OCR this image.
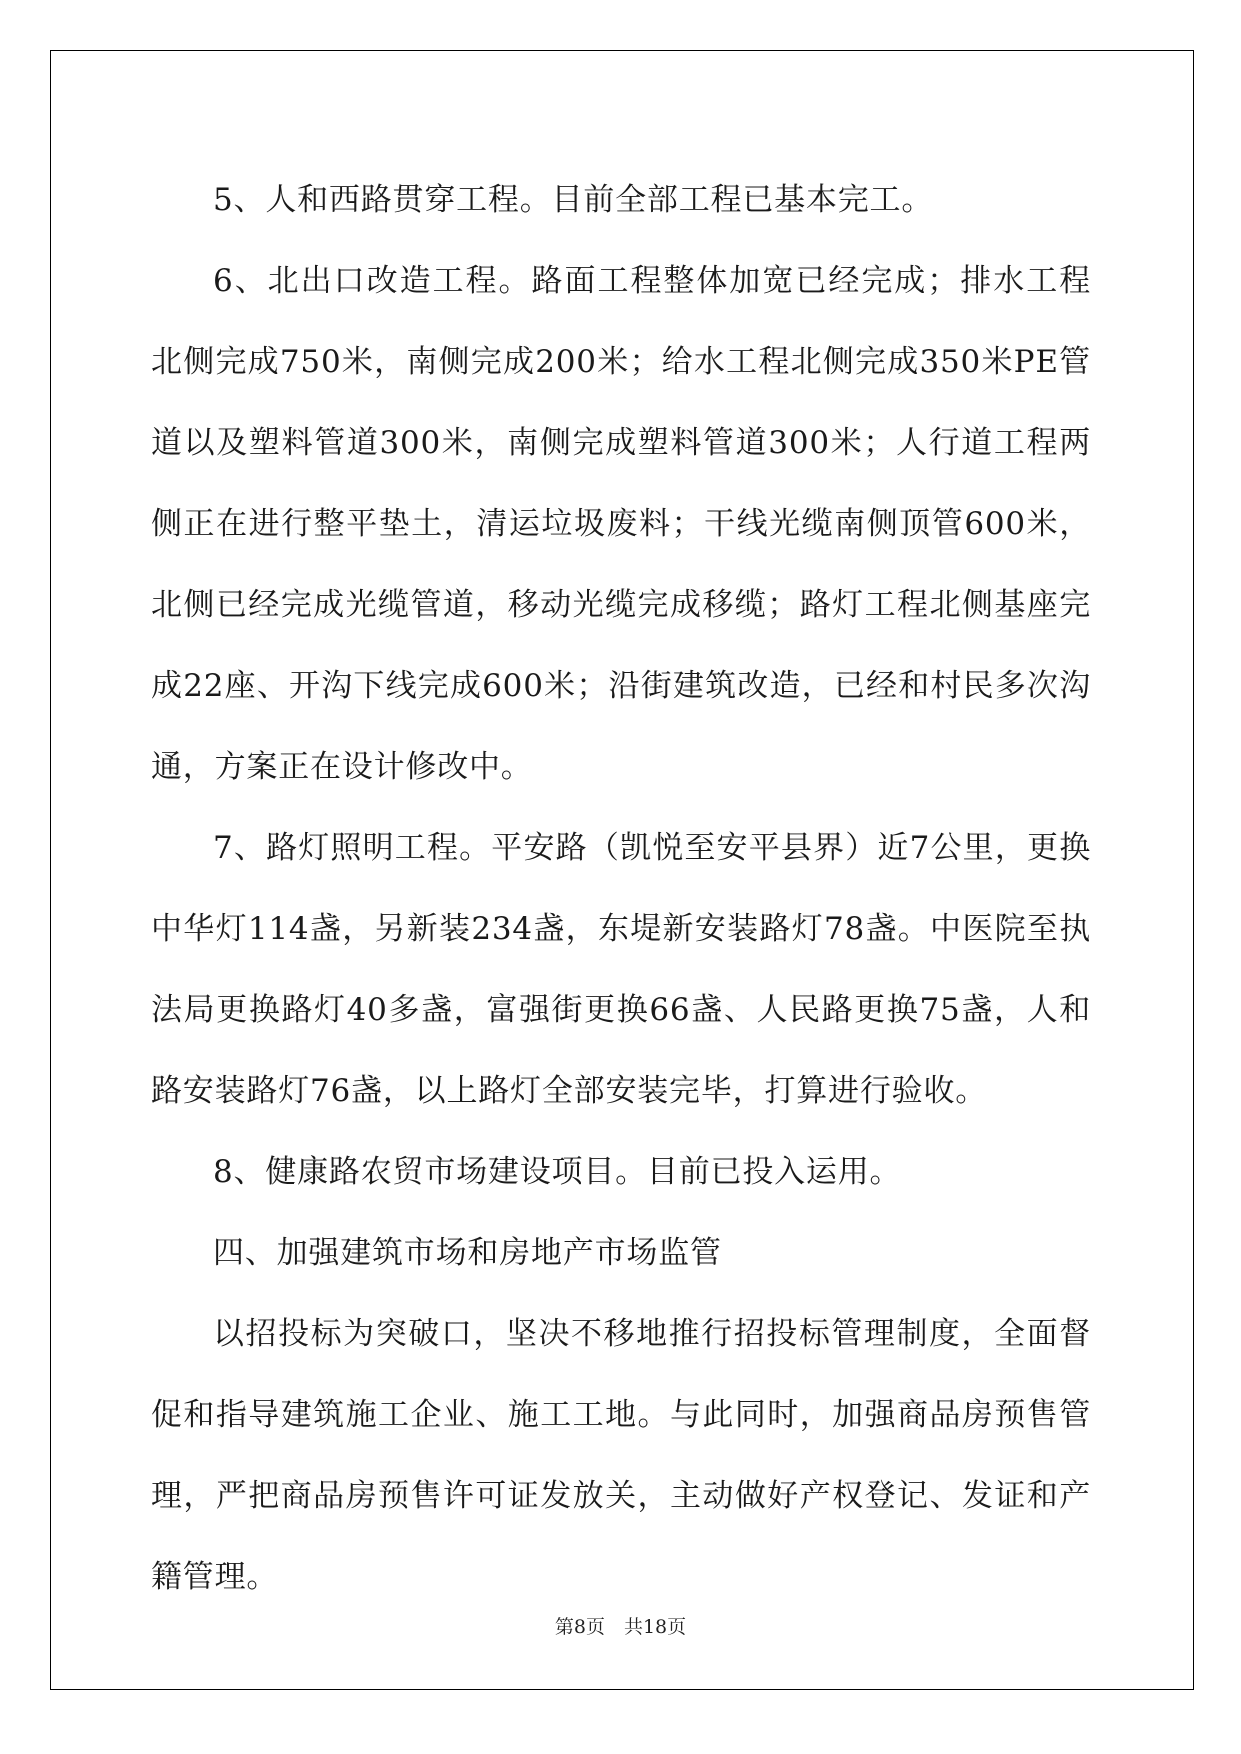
5、人和西路贯穿工程。目前全部工程已基本完工。

6、北出口改造工程。路面工程整体加宽已经完成；排水工程北侧完成750米，南侧完成200米；给水工程北侧完成350米PE管道以及塑料管道300米，南侧完成塑料管道300米；人行道工程两侧正在进行整平垫土，清运垃圾废料；干线光缆南侧顶管600米，北侧已经完成光缆管道，移动光缆完成移缆；路灯工程北侧基座完成22座、开沟下线完成600米；沿街建筑改造，已经和村民多次沟通，方案正在设计修改中。

7、路灯照明工程。平安路（凯悦至安平县界）近7公里，更换中华灯114盏，另新装234盏，东堤新安装路灯78盏。中医院至执法局更换路灯40多盏，富强街更换66盏、人民路更换75盏，人和路安装路灯76盏，以上路灯全部安装完毕，打算进行验收。

8、健康路农贸市场建设项目。目前已投入运用。

四、加强建筑市场和房地产市场监管

以招投标为突破口，坚决不移地推行招投标管理制度，全面督促和指导建筑施工企业、施工工地。与此同时，加强商品房预售管理，严把商品房预售许可证发放关，主动做好产权登记、发证和产籍管理。

第8页　共18页
